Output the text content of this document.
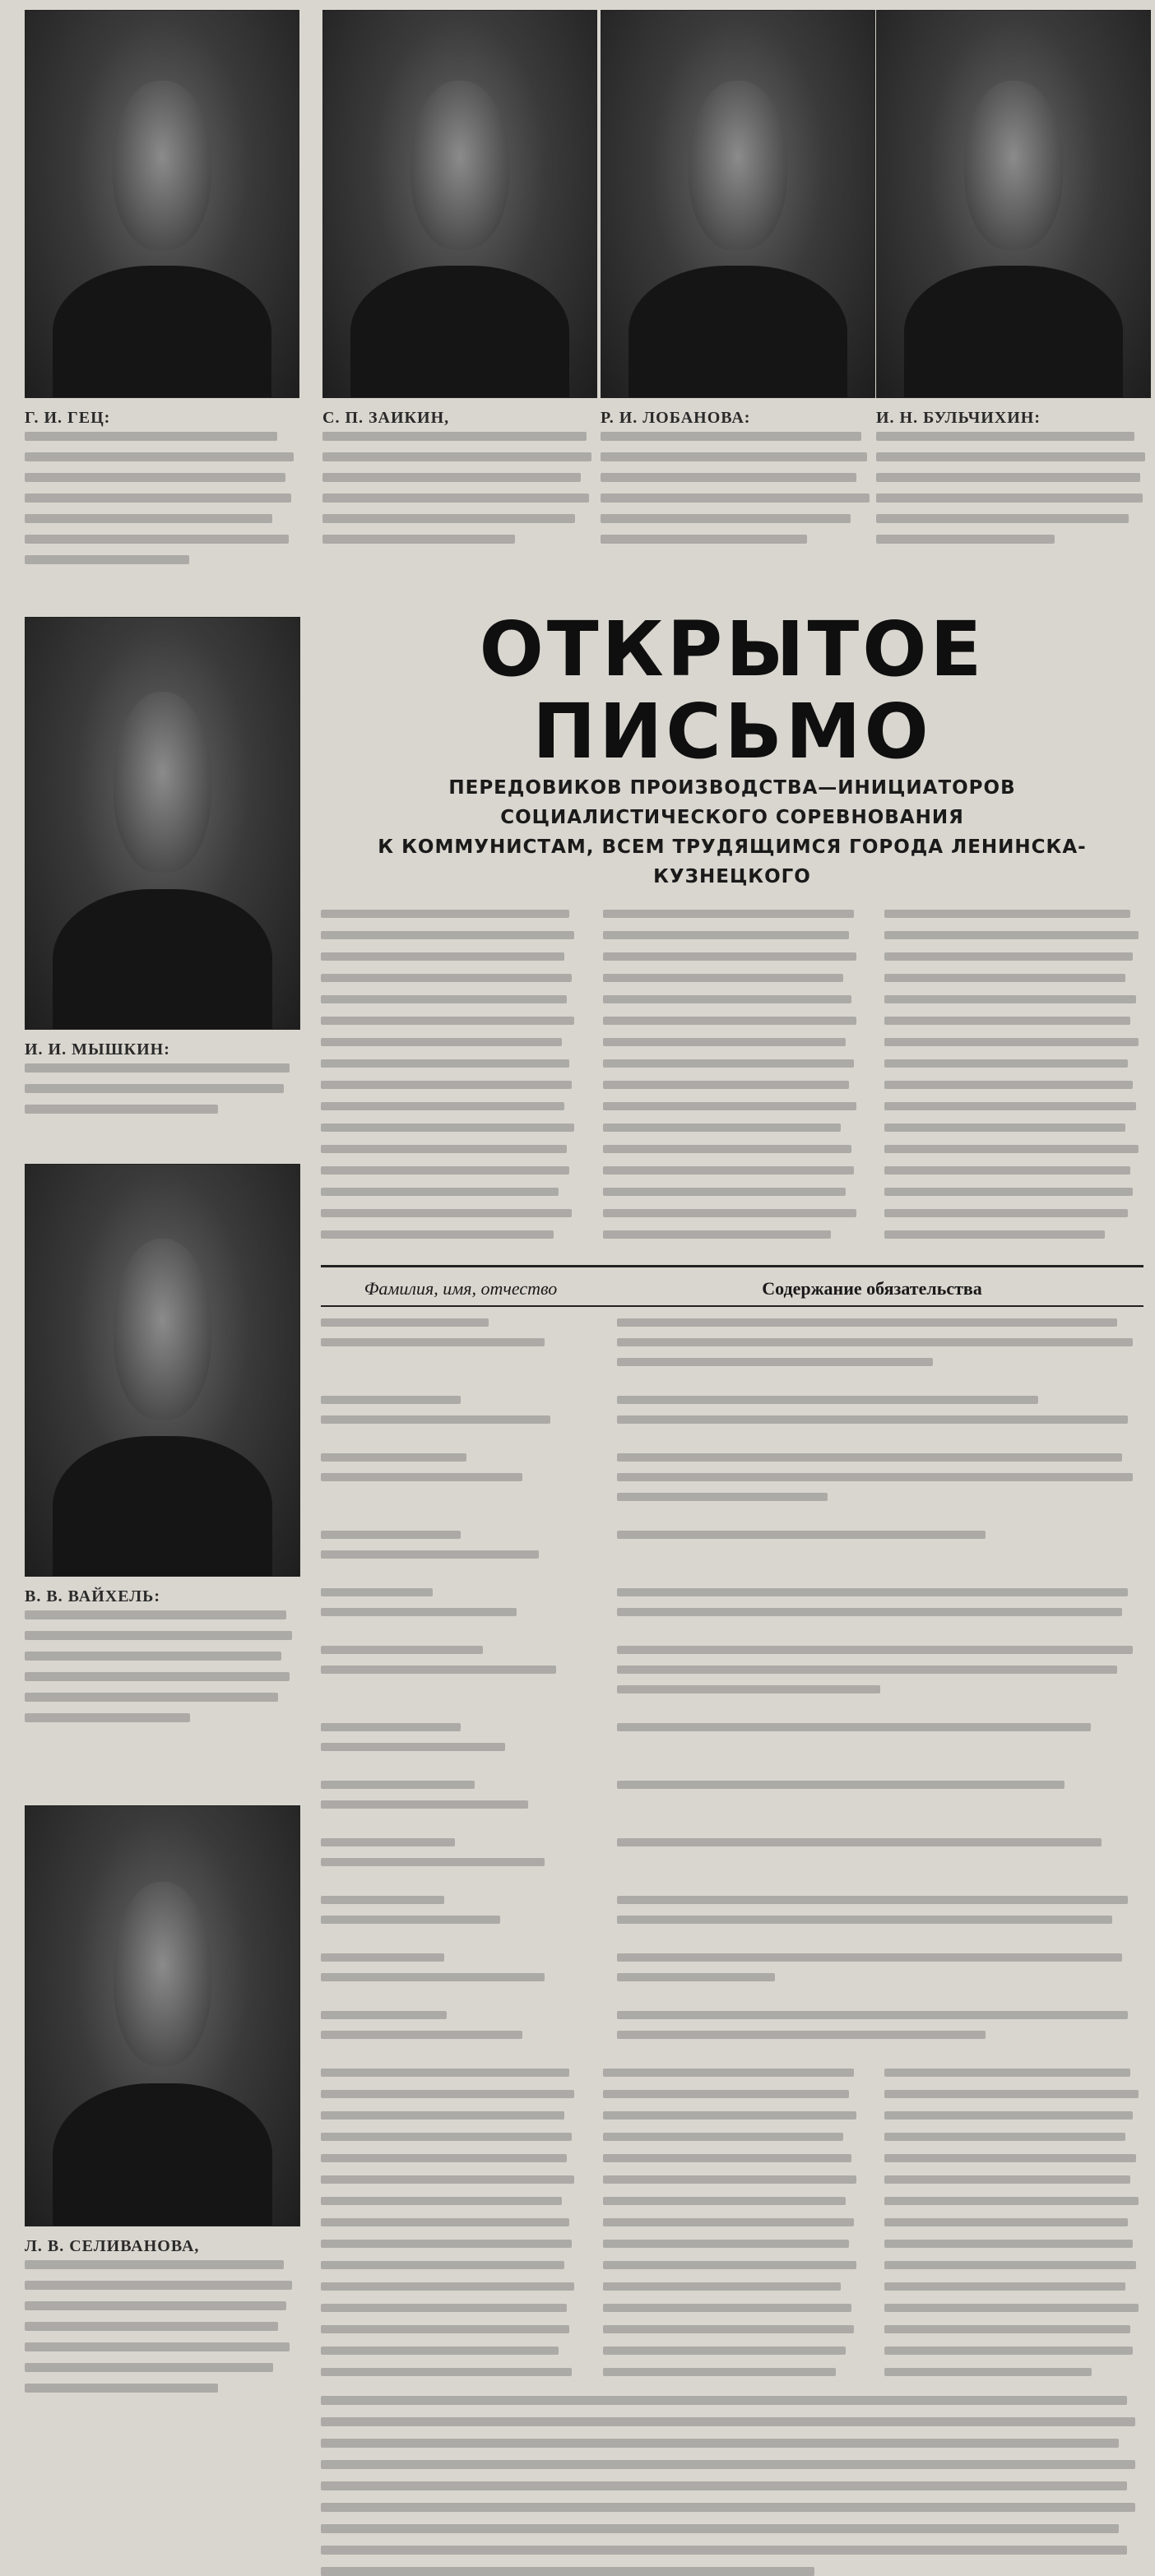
Г. И. ГЕЦ:	С. П. ЗАИКИН,	Р. И. ЛОБАНОВА:	И. Н. БУЛЬЧИХИН:
И. И. МЫШКИН:
В. В. ВАЙХЕЛЬ:
Л. В. СЕЛИВАНОВА,
ОТКРЫТОЕ ПИСЬМО
ПЕРЕДОВИКОВ ПРОИЗВОДСТВА—ИНИЦИАТОРОВ СОЦИАЛИСТИЧЕСКОГО СОРЕВНОВАНИЯ
К КОММУНИСТАМ, ВСЕМ ТРУДЯЩИМСЯ ГОРОДА ЛЕНИНСКА-КУЗНЕЦКОГО
Фамилия, имя, отчество	Содержание обязательства
